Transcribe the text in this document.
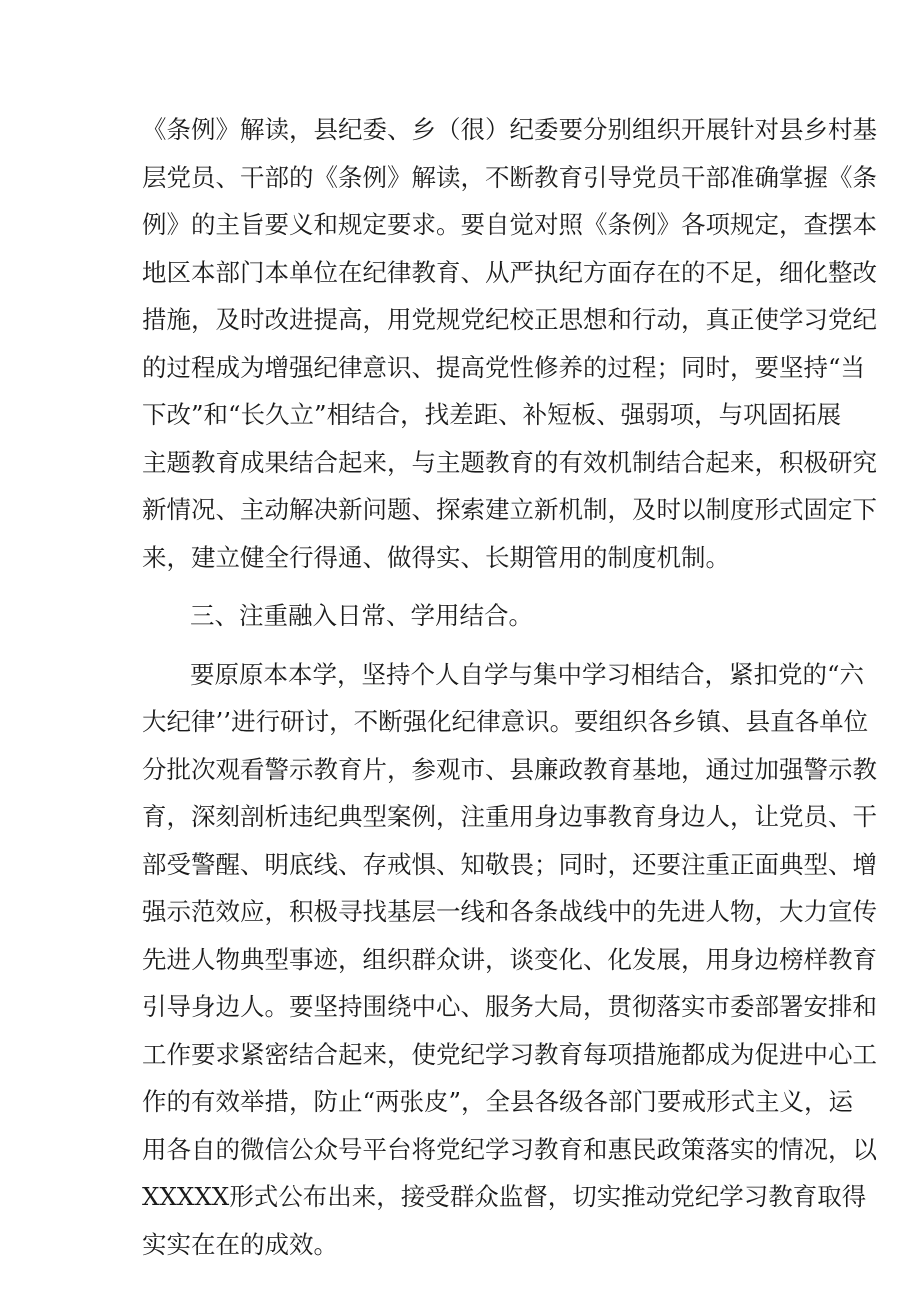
《条例》解读，县纪委、乡（很）纪委要分别组织开展针对县乡村基
层党员、干部的《条例》解读，不断教育引导党员干部准确掌握《条
例》的主旨要义和规定要求。要自觉对照《条例》各项规定，查摆本
地区本部门本单位在纪律教育、从严执纪方面存在的不足，细化整改
措施，及时改进提高，用党规党纪校正思想和行动，真正使学习党纪
的过程成为增强纪律意识、提高党性修养的过程；同时，要坚持“当
下改”和“长久立”相结合，找差距、补短板、强弱项，与巩固拓展
主题教育成果结合起来，与主题教育的有效机制结合起来，积极研究
新情况、主动解决新问题、探索建立新机制，及时以制度形式固定下
来，建立健全行得通、做得实、长期管用的制度机制。
三、注重融入日常、学用结合。
要原原本本学，坚持个人自学与集中学习相结合，紧扣党的“六
大纪律’’进行研讨，不断强化纪律意识。要组织各乡镇、县直各单位
分批次观看警示教育片，参观市、县廉政教育基地，通过加强警示教
育，深刻剖析违纪典型案例，注重用身边事教育身边人，让党员、干
部受警醒、明底线、存戒惧、知敬畏；同时，还要注重正面典型、增
强示范效应，积极寻找基层一线和各条战线中的先进人物，大力宣传
先进人物典型事迹，组织群众讲，谈变化、化发展，用身边榜样教育
引导身边人。要坚持围绕中心、服务大局，贯彻落实市委部署安排和
工作要求紧密结合起来，使党纪学习教育每项措施都成为促进中心工
作的有效举措，防止“两张皮”，全县各级各部门要戒形式主义，运
用各自的微信公众号平台将党纪学习教育和惠民政策落实的情况，以
XXXXX形式公布出来，接受群众监督，切实推动党纪学习教育取得
实实在在的成效。
